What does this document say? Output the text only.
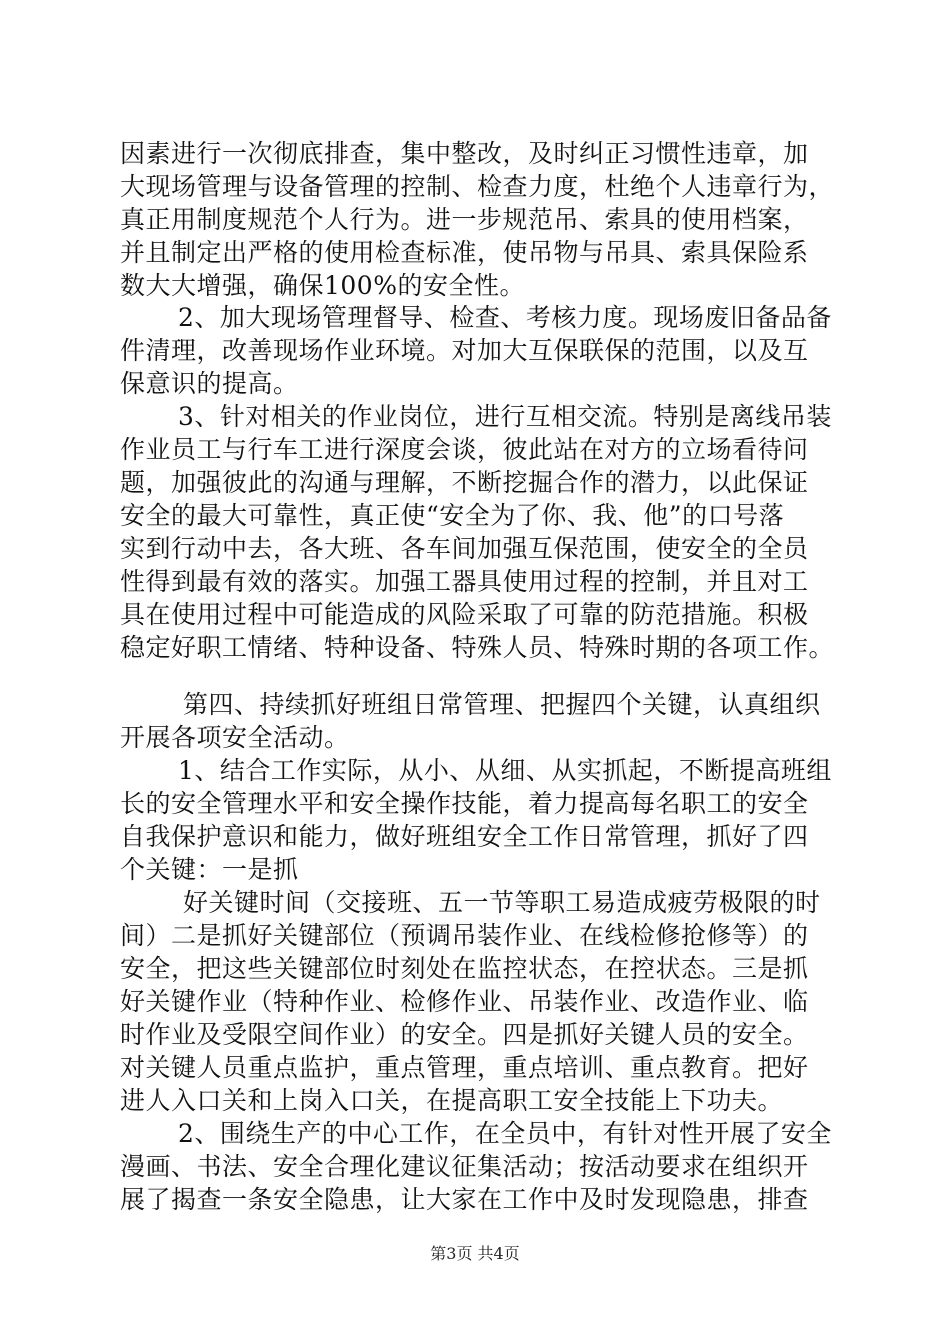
因素进行一次彻底排查，集中整改，及时纠正习惯性违章，加
大现场管理与设备管理的控制、检查力度，杜绝个人违章行为，
真正用制度规范个人行为。进一步规范吊、索具的使用档案，
并且制定出严格的使用检查标准，使吊物与吊具、索具保险系
数大大增强，确保100%的安全性。
2、加大现场管理督导、检查、考核力度。现场废旧备品备
件清理，改善现场作业环境。对加大互保联保的范围，以及互
保意识的提高。
3、针对相关的作业岗位，进行互相交流。特别是离线吊装
作业员工与行车工进行深度会谈，彼此站在对方的立场看待问
题，加强彼此的沟通与理解，不断挖掘合作的潜力，以此保证
安全的最大可靠性，真正使“安全为了你、我、他”的口号落
实到行动中去，各大班、各车间加强互保范围，使安全的全员
性得到最有效的落实。加强工器具使用过程的控制，并且对工
具在使用过程中可能造成的风险采取了可靠的防范措施。积极
稳定好职工情绪、特种设备、特殊人员、特殊时期的各项工作。
第四、持续抓好班组日常管理、把握四个关键，认真组织
开展各项安全活动。
1、结合工作实际，从小、从细、从实抓起，不断提高班组
长的安全管理水平和安全操作技能，着力提高每名职工的安全
自我保护意识和能力，做好班组安全工作日常管理，抓好了四
个关键：一是抓
好关键时间（交接班、五一节等职工易造成疲劳极限的时
间）二是抓好关键部位（预调吊装作业、在线检修抢修等）的
安全，把这些关键部位时刻处在监控状态，在控状态。三是抓
好关键作业（特种作业、检修作业、吊装作业、改造作业、临
时作业及受限空间作业）的安全。四是抓好关键人员的安全。
对关键人员重点监护，重点管理，重点培训、重点教育。把好
进人入口关和上岗入口关，在提高职工安全技能上下功夫。
2、围绕生产的中心工作，在全员中，有针对性开展了安全
漫画、书法、安全合理化建议征集活动；按活动要求在组织开
展了揭查一条安全隐患，让大家在工作中及时发现隐患，排查
第3页 共4页
